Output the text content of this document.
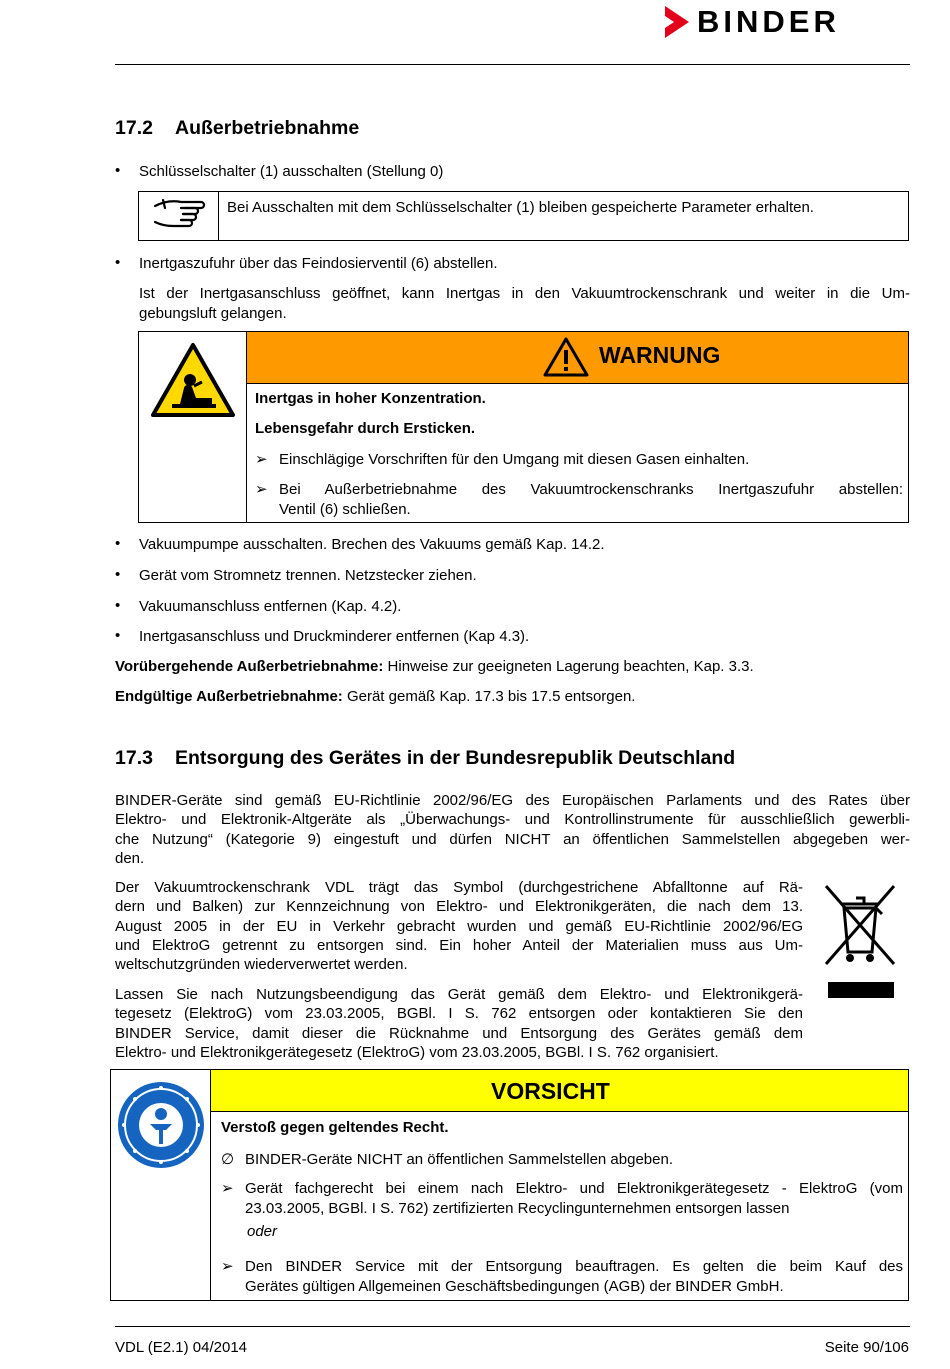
BINDER
17.2 Außerbetriebnahme
• Schlüsselschalter (1) ausschalten (Stellung 0)
Bei Ausschalten mit dem Schlüsselschalter (1) bleiben gespeicherte Parameter erhalten.
• Inertgaszufuhr über das Feindosierventil (6) abstellen.
Ist der Inertgasanschluss geöffnet, kann Inertgas in den Vakuumtrockenschrank und weiter in die Um-
gebungsluft gelangen.
WARNUNG
Inertgas in hoher Konzentration.
Lebensgefahr durch Ersticken.
➢ Einschlägige Vorschriften für den Umgang mit diesen Gasen einhalten.
➢ Bei Außerbetriebnahme des Vakuumtrockenschranks Inertgaszufuhr abstellen:
Ventil (6) schließen.
• Vakuumpumpe ausschalten. Brechen des Vakuums gemäß Kap. 14.2.
• Gerät vom Stromnetz trennen. Netzstecker ziehen.
• Vakuumanschluss entfernen (Kap. 4.2).
• Inertgasanschluss und Druckminderer entfernen (Kap 4.3).
Vorübergehende Außerbetriebnahme: Hinweise zur geeigneten Lagerung beachten, Kap. 3.3.
Endgültige Außerbetriebnahme: Gerät gemäß Kap. 17.3 bis 17.5 entsorgen.
17.3 Entsorgung des Gerätes in der Bundesrepublik Deutschland
BINDER-Geräte sind gemäß EU-Richtlinie 2002/96/EG des Europäischen Parlaments und des Rates über
Elektro- und Elektronik-Altgeräte als „Überwachungs- und Kontrollinstrumente für ausschließlich gewerbli-
che Nutzung“ (Kategorie 9) eingestuft und dürfen NICHT an öffentlichen Sammelstellen abgegeben wer-
den.
Der Vakuumtrockenschrank VDL trägt das Symbol (durchgestrichene Abfalltonne auf Rä-
dern und Balken) zur Kennzeichnung von Elektro- und Elektronikgeräten, die nach dem 13.
August 2005 in der EU in Verkehr gebracht wurden und gemäß EU-Richtlinie 2002/96/EG
und ElektroG getrennt zu entsorgen sind. Ein hoher Anteil der Materialien muss aus Um-
weltschutzgründen wiederverwertet werden.
Lassen Sie nach Nutzungsbeendigung das Gerät gemäß dem Elektro- und Elektronikgerä-
tegesetz (ElektroG) vom 23.03.2005, BGBl. I S. 762 entsorgen oder kontaktieren Sie den
BINDER Service, damit dieser die Rücknahme und Entsorgung des Gerätes gemäß dem
Elektro- und Elektronikgerätegesetz (ElektroG) vom 23.03.2005, BGBl. I S. 762 organisiert.
VORSICHT
Verstoß gegen geltendes Recht.
∅ BINDER-Geräte NICHT an öffentlichen Sammelstellen abgeben.
➢ Gerät fachgerecht bei einem nach Elektro- und Elektronikgerätegesetz - ElektroG (vom
23.03.2005, BGBl. I S. 762) zertifizierten Recyclingunternehmen entsorgen lassen
oder
➢ Den BINDER Service mit der Entsorgung beauftragen. Es gelten die beim Kauf des
Gerätes gültigen Allgemeinen Geschäftsbedingungen (AGB) der BINDER GmbH.
VDL (E2.1) 04/2014	Seite 90/106
